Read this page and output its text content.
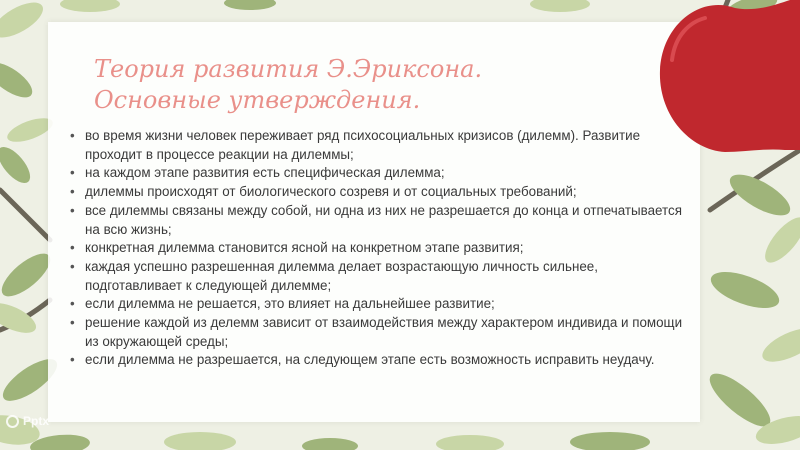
Теория развития Э.Эриксона.
Основные утверждения.
• во время жизни человек переживает ряд психосоциальных кризисов (дилемм). Развитие проходит в процессе реакции на дилеммы;
• на каждом этапе развития есть специфическая дилемма;
• дилеммы происходят от биологического созревя и от социальных требований;
• все дилеммы связаны между собой, ни одна из них не разрешается до конца и отпечатывается на всю жизнь;
• конкретная дилемма становится ясной на конкретном этапе развития;
• каждая успешно разрешенная дилемма делает возрастающую личность сильнее, подготавливает к следующей дилемме;
• если дилемма не решается, это влияет на дальнейшее развитие;
• решение каждой из делемм зависит от взаимодействия между характером индивида и помощи из окружающей среды;
• если дилемма не разрешается, на следующем этапе есть возможность исправить неудачу.
Pptx
